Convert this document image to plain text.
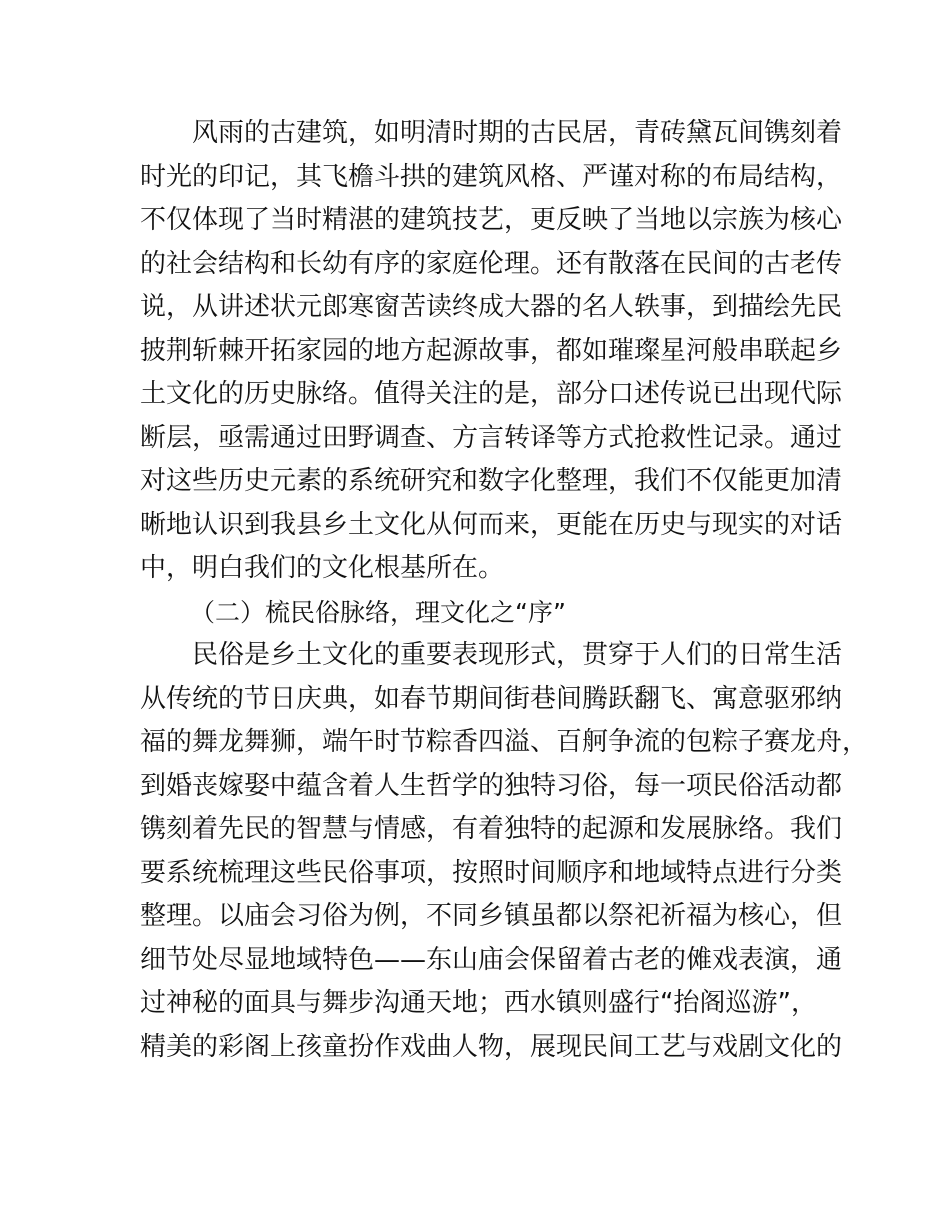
风雨的古建筑，如明清时期的古民居，青砖黛瓦间镌刻着
时光的印记，其飞檐斗拱的建筑风格、严谨对称的布局结构，
不仅体现了当时精湛的建筑技艺，更反映了当地以宗族为核心
的社会结构和长幼有序的家庭伦理。还有散落在民间的古老传
说，从讲述状元郎寒窗苦读终成大器的名人轶事，到描绘先民
披荆斩棘开拓家园的地方起源故事，都如璀璨星河般串联起乡
土文化的历史脉络。值得关注的是，部分口述传说已出现代际
断层，亟需通过田野调查、方言转译等方式抢救性记录。通过
对这些历史元素的系统研究和数字化整理，我们不仅能更加清
晰地认识到我县乡土文化从何而来，更能在历史与现实的对话
中，明白我们的文化根基所在。
（二）梳民俗脉络，理文化之“序”
民俗是乡土文化的重要表现形式，贯穿于人们的日常生活
从传统的节日庆典，如春节期间街巷间腾跃翻飞、寓意驱邪纳
福的舞龙舞狮，端午时节粽香四溢、百舸争流的包粽子赛龙舟，
到婚丧嫁娶中蕴含着人生哲学的独特习俗，每一项民俗活动都
镌刻着先民的智慧与情感，有着独特的起源和发展脉络。我们
要系统梳理这些民俗事项，按照时间顺序和地域特点进行分类
整理。以庙会习俗为例，不同乡镇虽都以祭祀祈福为核心，但
细节处尽显地域特色——东山庙会保留着古老的傩戏表演，通
过神秘的面具与舞步沟通天地；西水镇则盛行“抬阁巡游”，
精美的彩阁上孩童扮作戏曲人物，展现民间工艺与戏剧文化的
